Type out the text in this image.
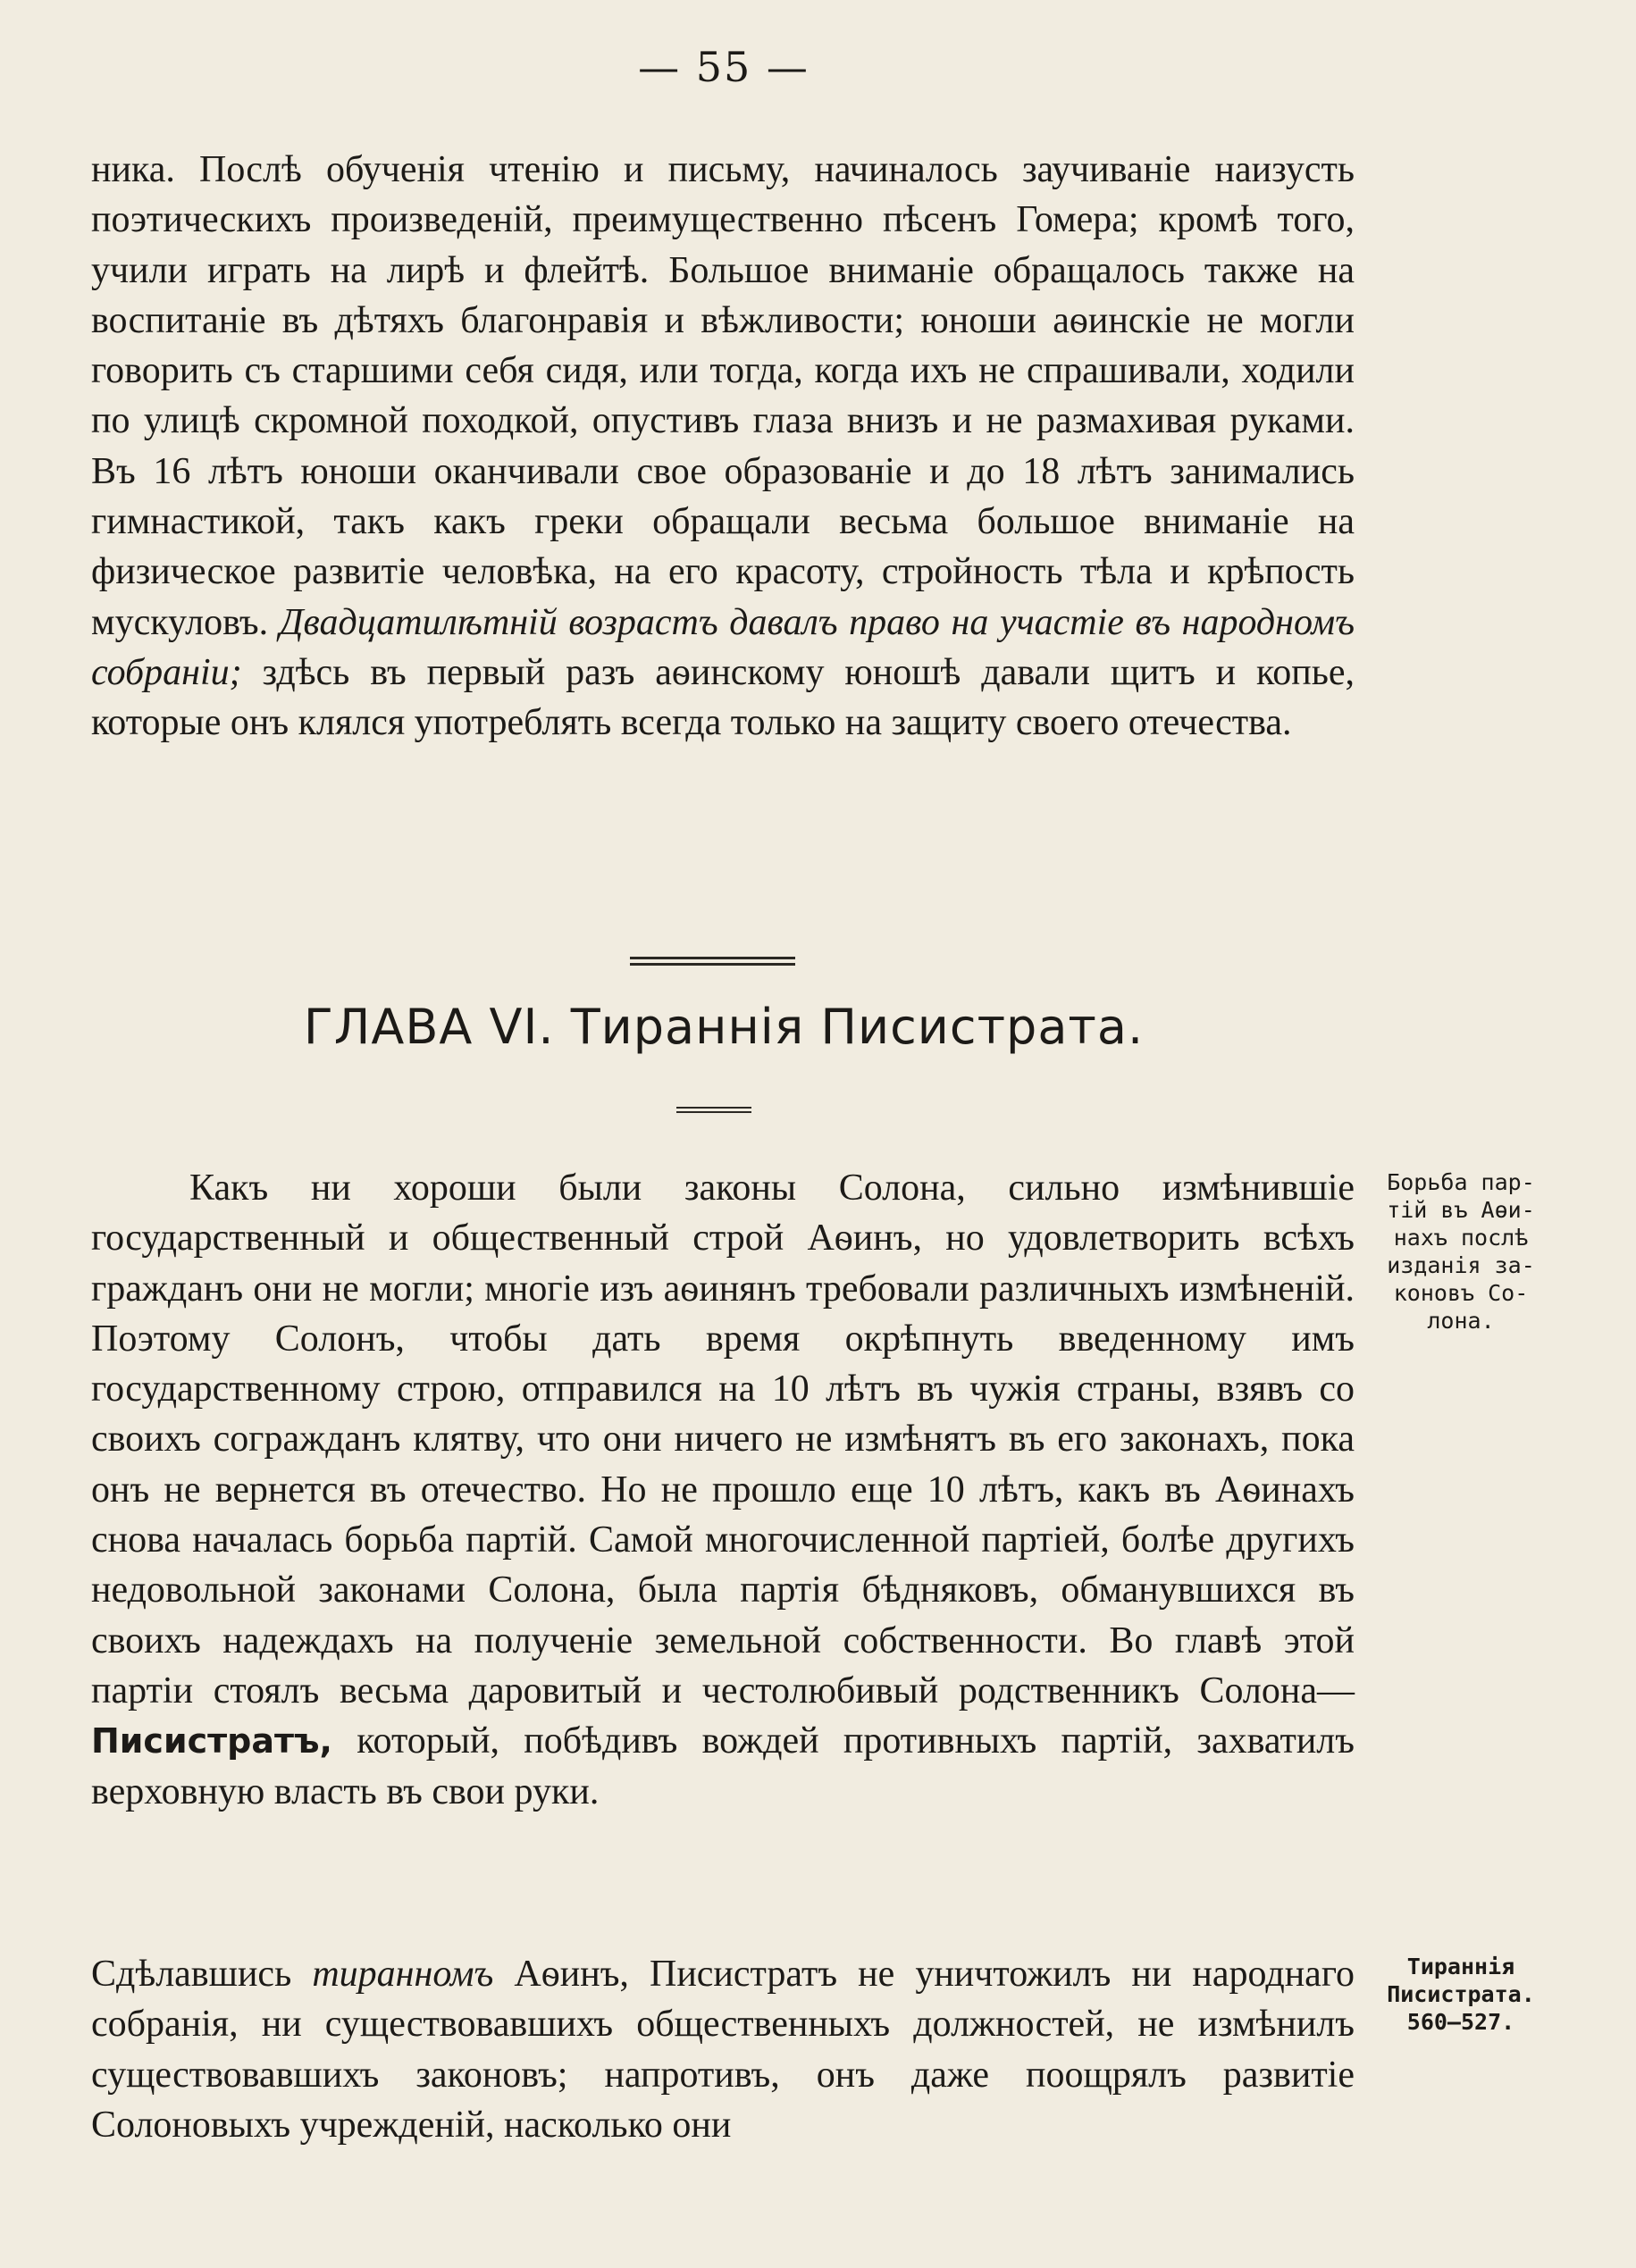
— 55 —

ника. Послѣ обученія чтенію и письму, начиналось заучиваніе наизусть поэтическихъ произведеній, преимущественно пѣсенъ Гомера; кромѣ того, учили играть на лирѣ и флейтѣ. Большое вниманіе обращалось также на воспитаніе въ дѣтяхъ благонравія и вѣжливости; юноши аѳинскіе не могли говорить съ старшими себя сидя, или тогда, когда ихъ не спрашивали, ходили по улицѣ скромной походкой, опустивъ глаза внизъ и не размахивая руками. Въ 16 лѣтъ юноши оканчивали свое образованіе и до 18 лѣтъ занимались гимнастикой, такъ какъ греки обращали весьма большое вниманіе на физическое развитіе человѣка, на его красоту, стройность тѣла и крѣпость мускуловъ. Двадцатилѣтній возрастъ давалъ право на участіе въ народномъ собраніи; здѣсь въ первый разъ аѳинскому юношѣ давали щитъ и копье, которые онъ клялся употреблять всегда только на защиту своего отечества.

ГЛАВА VI. Тираннія Писистрата.

Какъ ни хороши были законы Солона, сильно измѣнившіе государственный и общественный строй Аѳинъ, но удовлетворить всѣхъ гражданъ они не могли; многіе изъ аѳинянъ требовали различныхъ измѣненій. Поэтому Солонъ, чтобы дать время окрѣпнуть введенному имъ государственному строю, отправился на 10 лѣтъ въ чужія страны, взявъ со своихъ согражданъ клятву, что они ничего не измѣнятъ въ его законахъ, пока онъ не вернется въ отечество. Но не прошло еще 10 лѣтъ, какъ въ Аѳинахъ снова началась борьба партій. Самой многочисленной партіей, болѣе другихъ недовольной законами Солона, была партія бѣдняковъ, обманувшихся въ своихъ надеждахъ на полученіе земельной собственности. Во главѣ этой партіи стоялъ весьма даровитый и честолюбивый родственникъ Солона—Писистратъ, который, побѣдивъ вождей противныхъ партій, захватилъ верховную власть въ свои руки.

Сдѣлавшись тиранномъ Аѳинъ, Писистратъ не уничтожилъ ни народнаго собранія, ни существовавшихъ общественныхъ должностей, не измѣнилъ существовавшихъ законовъ; напротивъ, онъ даже поощрялъ развитіе Солоновыхъ учрежденій, насколько они

Борьба пар-
тій въ Аѳи-
нахъ послѣ
изданія за-
коновъ Со-
лона.
Тираннія
Писистрата.
560—527.
